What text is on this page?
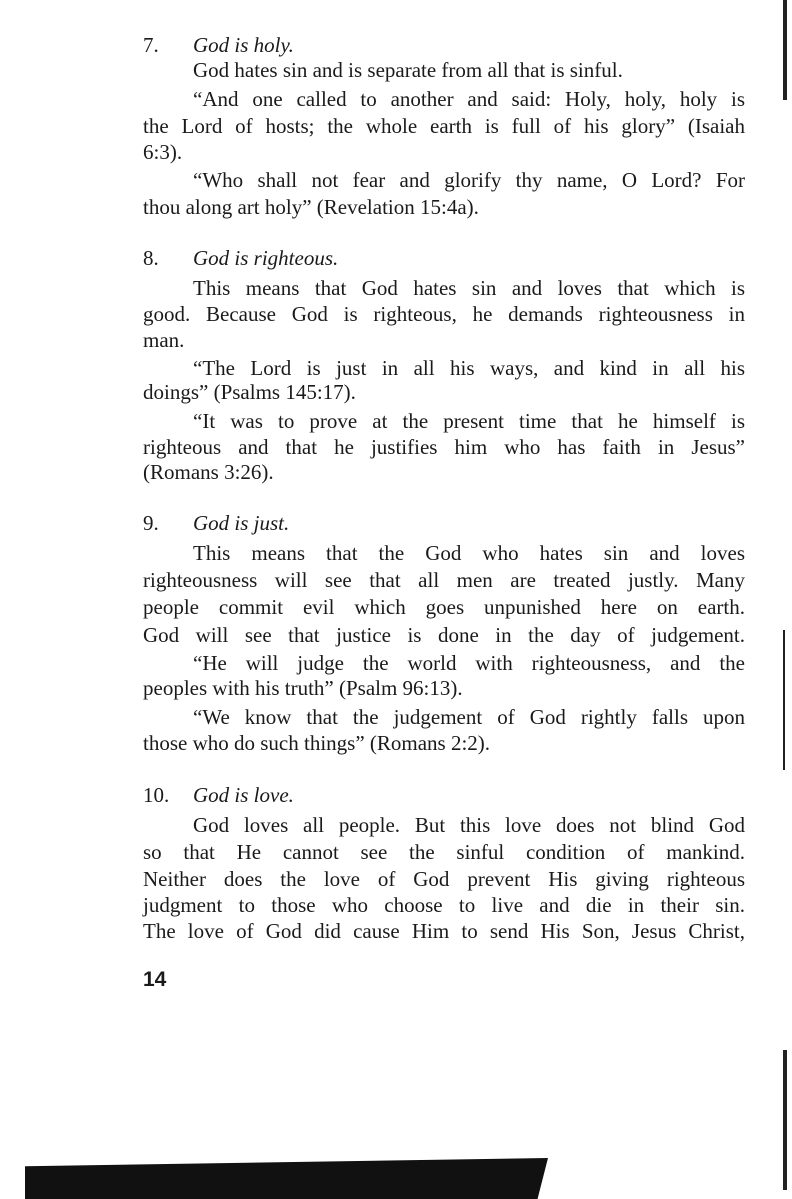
7. God is holy.
God hates sin and is separate from all that is sinful.
“And one called to another and said: Holy, holy, holy is
the Lord of hosts; the whole earth is full of his glory” (Isaiah
6:3).
“Who shall not fear and glorify thy name, O Lord? For
thou along art holy” (Revelation 15:4a).
8. God is righteous.
This means that God hates sin and loves that which is
good. Because God is righteous, he demands righteousness in
man.
“The Lord is just in all his ways, and kind in all his
doings” (Psalms 145:17).
“It was to prove at the present time that he himself is
righteous and that he justifies him who has faith in Jesus”
(Romans 3:26).
9. God is just.
This means that the God who hates sin and loves
righteousness will see that all men are treated justly. Many
people commit evil which goes unpunished here on earth.
God will see that justice is done in the day of judgement.
“He will judge the world with righteousness, and the
peoples with his truth” (Psalm 96:13).
“We know that the judgement of God rightly falls upon
those who do such things” (Romans 2:2).
10. God is love.
God loves all people. But this love does not blind God
so that He cannot see the sinful condition of mankind.
Neither does the love of God prevent His giving righteous
judgment to those who choose to live and die in their sin.
The love of God did cause Him to send His Son, Jesus Christ,
14
